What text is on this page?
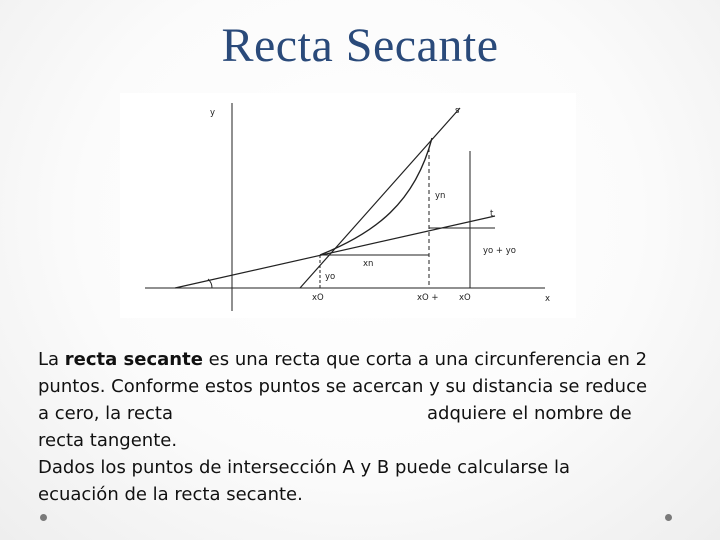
Recta Secante
y
x
s
t
yn
yo + yo
xn
yo
xO	xO + xO

La recta secante es una recta que corta a una circunferencia en 2
puntos. Conforme estos puntos se acercan y su distancia se reduce
a cero, la recta	adquiere el nombre de
recta tangente.
Dados los puntos de intersección A y B puede calcularse la
ecuación de la recta secante.
